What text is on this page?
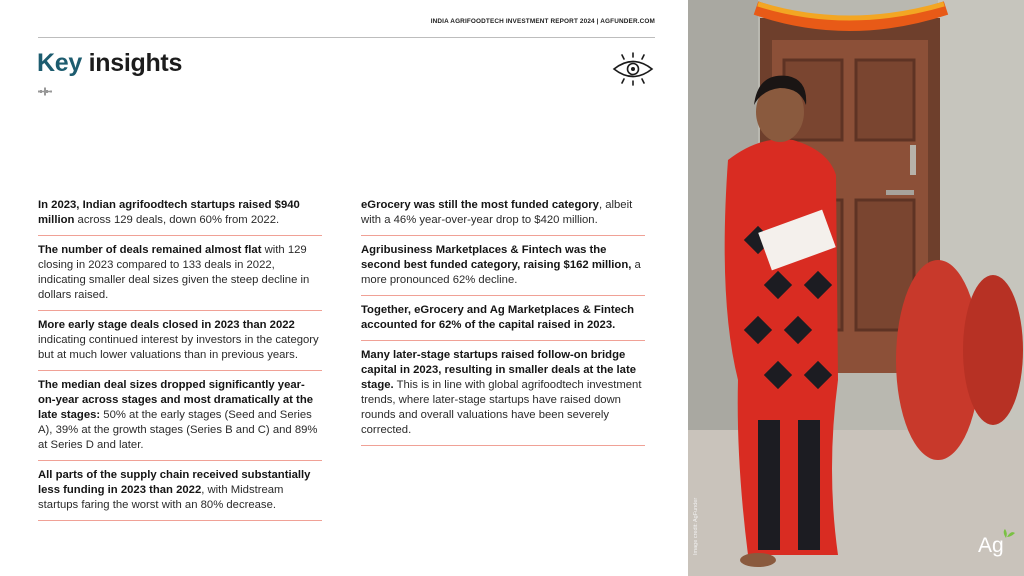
INDIA AGRIFOODTECH INVESTMENT REPORT 2024 | AGFUNDER.COM
Key insights
In 2023, Indian agrifoodtech startups raised $940 million across 129 deals, down 60% from 2022.
The number of deals remained almost flat with 129 closing in 2023 compared to 133 deals in 2022, indicating smaller deal sizes given the steep decline in dollars raised.
More early stage deals closed in 2023 than 2022 indicating continued interest by investors in the category but at much lower valuations than in previous years.
The median deal sizes dropped significantly year-on-year across stages and most dramatically at the late stages: 50% at the early stages (Seed and Series A), 39% at the growth stages (Series B and C) and 89% at Series D and later.
All parts of the supply chain received substantially less funding in 2023 than 2022, with Midstream startups faring the worst with an 80% decrease.
eGrocery was still the most funded category, albeit with a 46% year-over-year drop to $420 million.
Agribusiness Marketplaces & Fintech was the second best funded category, raising $162 million, a more pronounced 62% decline.
Together, eGrocery and Ag Marketplaces & Fintech accounted for 62% of the capital raised in 2023.
Many later-stage startups raised follow-on bridge capital in 2023, resulting in smaller deals at the late stage. This is in line with global agrifoodtech investment trends, where later-stage startups have raised down rounds and overall valuations have been severely corrected.
Image credit: AgFunder	Ag
